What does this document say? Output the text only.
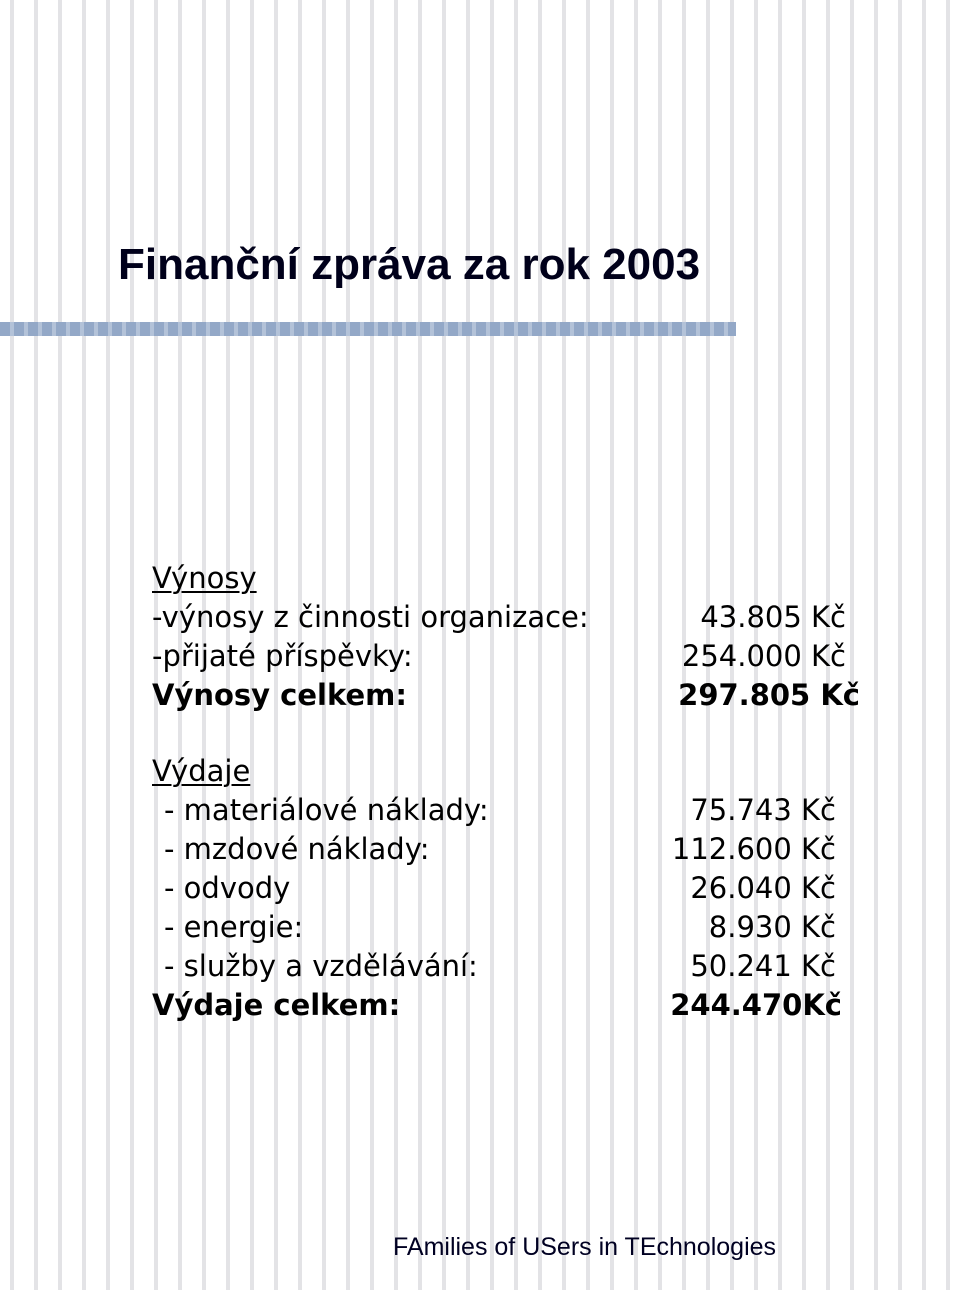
Finanční zpráva za rok 2003
Výnosy
-výnosy z činnosti organizace:	43.805 Kč
-přijaté příspěvky:	254.000 Kč
Výnosy celkem:	297.805 Kč
Výdaje
- materiálové náklady:	75.743 Kč
- mzdové náklady:	112.600 Kč
- odvody	26.040 Kč
- energie:	8.930 Kč
- služby a vzdělávání:	50.241 Kč
Výdaje celkem:	244.470Kč
FAmilies of USers in TEchnologies
